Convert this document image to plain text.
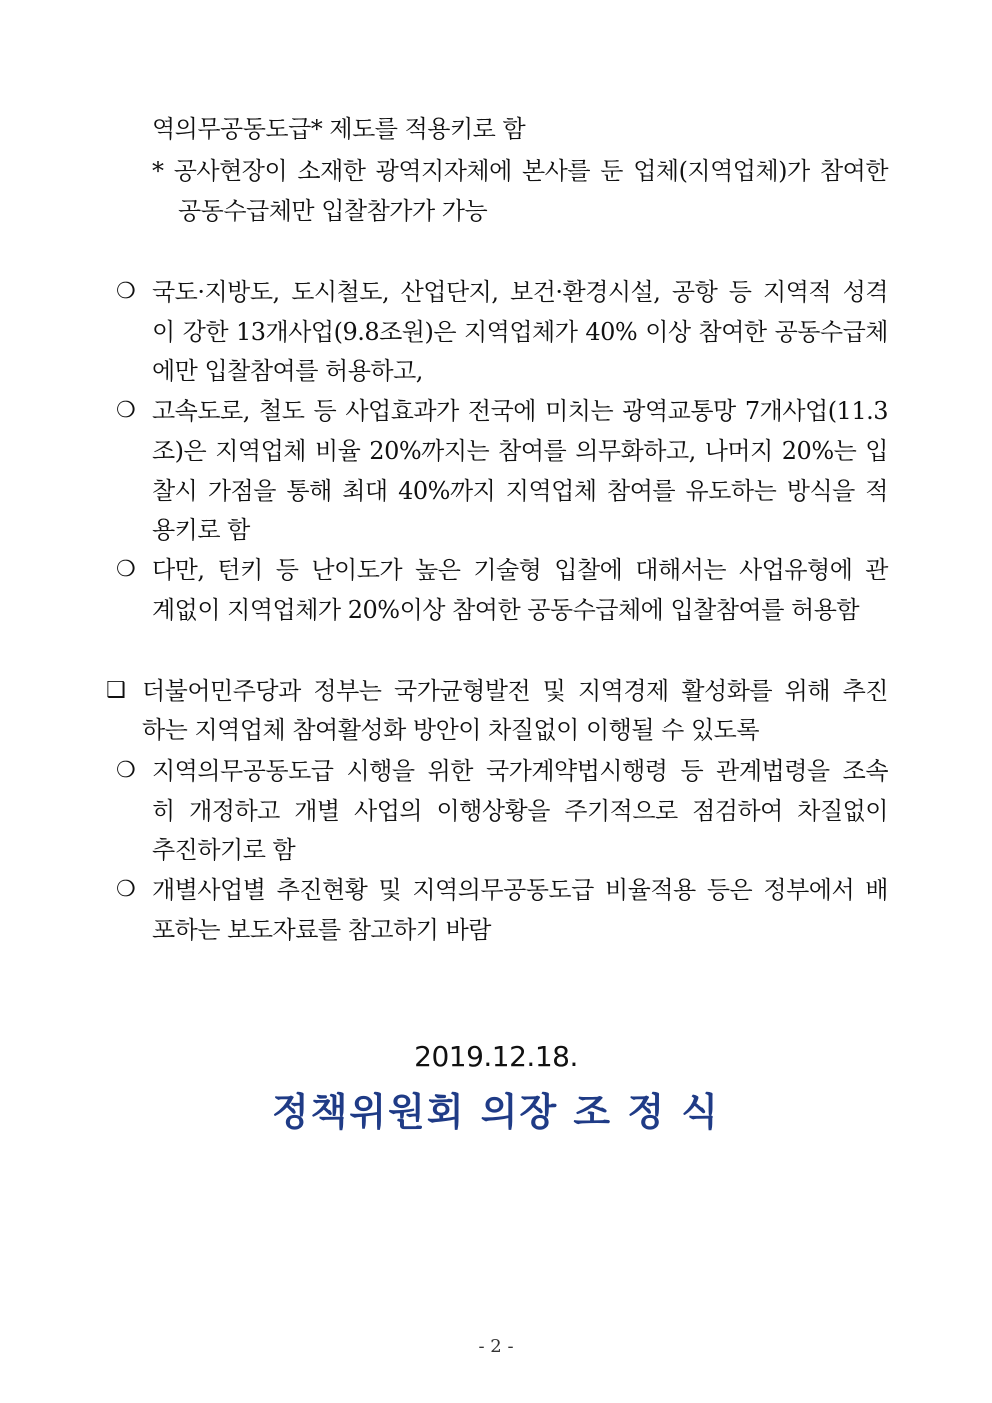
역의무공동도급* 제도를 적용키로 함
* 공사현장이 소재한 광역지자체에 본사를 둔 업체(지역업체)가 참여한
공동수급체만 입찰참가가 가능
❍ 국도·지방도, 도시철도, 산업단지, 보건·환경시설, 공항 등 지역적 성격
이 강한 13개사업(9.8조원)은 지역업체가 40% 이상 참여한 공동수급체
에만 입찰참여를 허용하고,
❍ 고속도로, 철도 등 사업효과가 전국에 미치는 광역교통망 7개사업(11.3
조)은 지역업체 비율 20%까지는 참여를 의무화하고, 나머지 20%는 입
찰시 가점을 통해 최대 40%까지 지역업체 참여를 유도하는 방식을 적
용키로 함
❍ 다만, 턴키 등 난이도가 높은 기술형 입찰에 대해서는 사업유형에 관
계없이 지역업체가 20%이상 참여한 공동수급체에 입찰참여를 허용함
❑ 더불어민주당과 정부는 국가균형발전 및 지역경제 활성화를 위해 추진
하는 지역업체 참여활성화 방안이 차질없이 이행될 수 있도록
❍ 지역의무공동도급 시행을 위한 국가계약법시행령 등 관계법령을 조속
히 개정하고 개별 사업의 이행상황을 주기적으로 점검하여 차질없이
추진하기로 함
❍ 개별사업별 추진현황 및 지역의무공동도급 비율적용 등은 정부에서 배
포하는 보도자료를 참고하기 바람
2019.12.18.
정책위원회 의장 조 정 식
- 2 -
